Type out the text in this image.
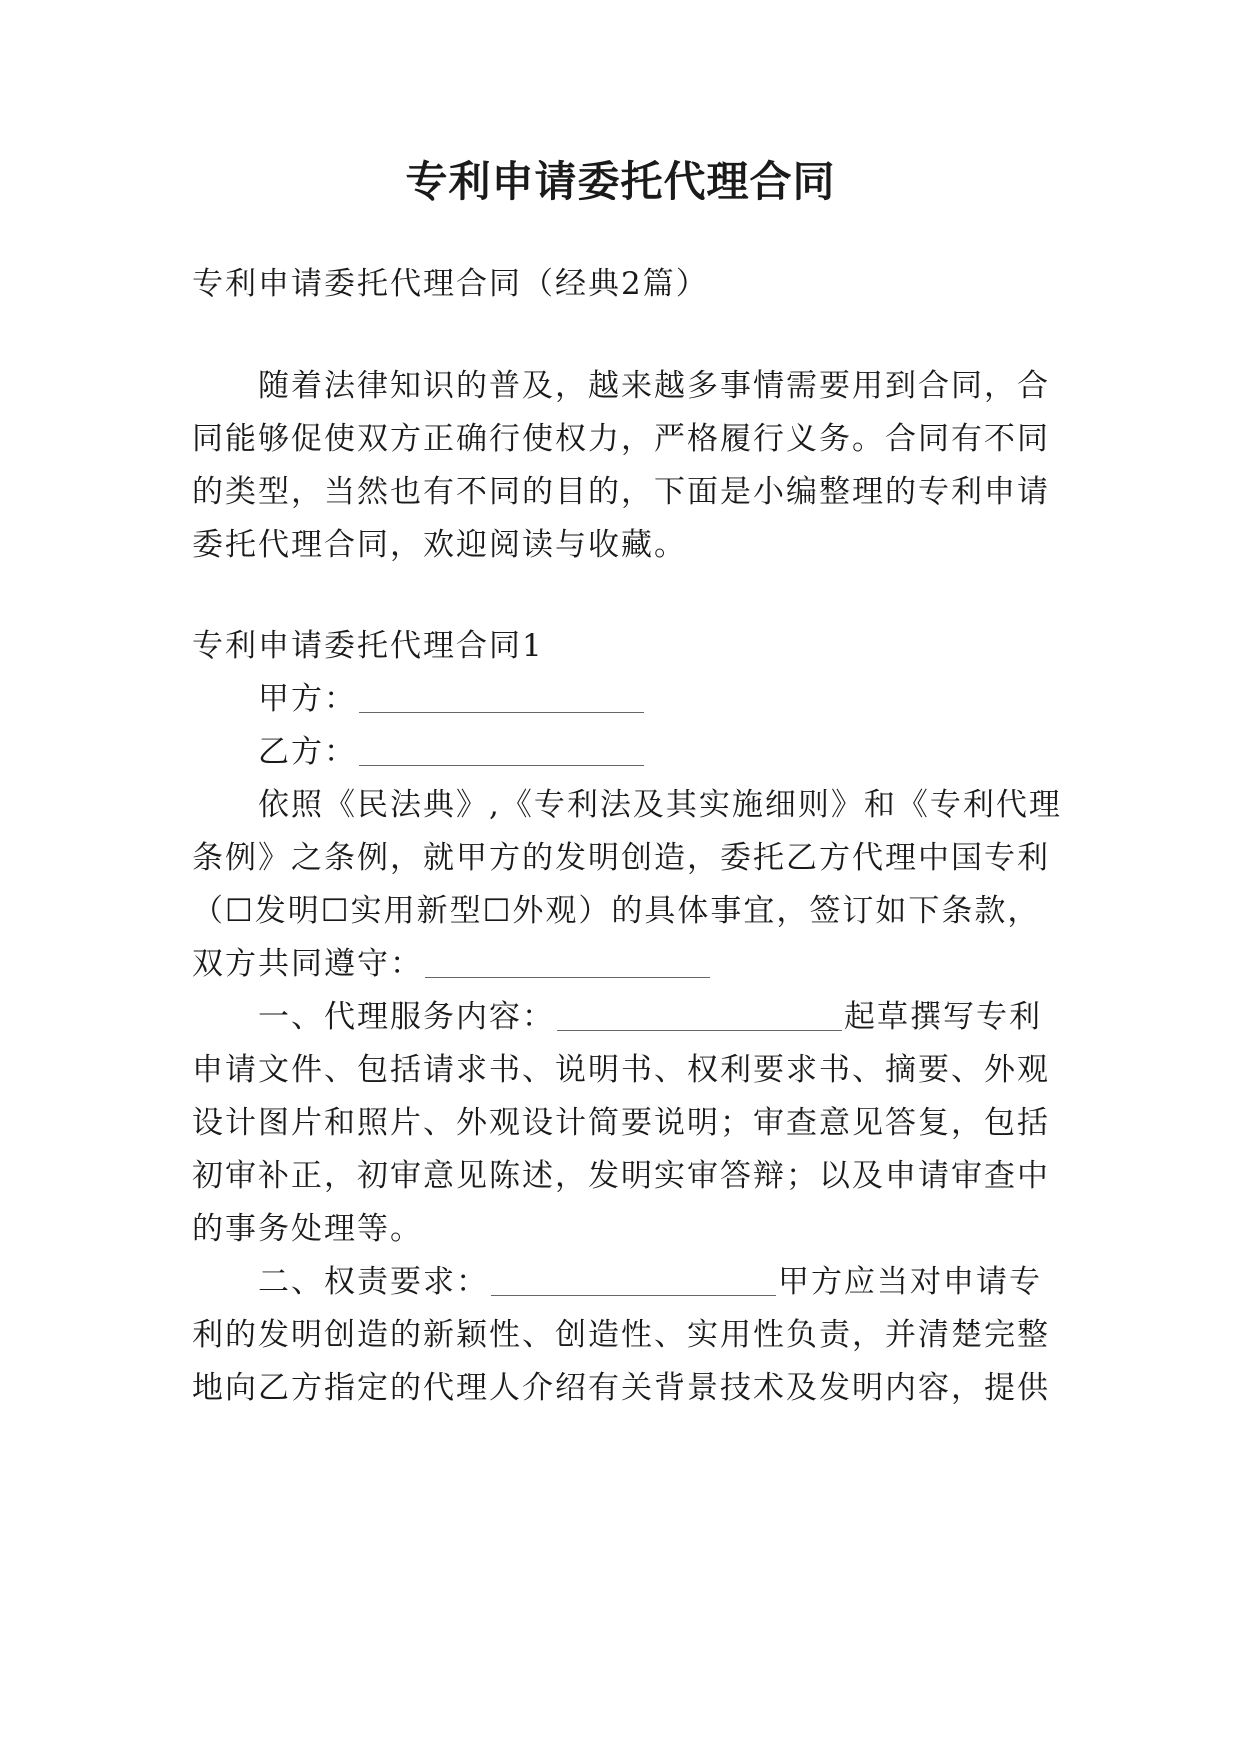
专利申请委托代理合同
专利申请委托代理合同（经典2篇）
随着法律知识的普及，越来越多事情需要用到合同，合
同能够促使双方正确行使权力，严格履行义务。合同有不同
的类型，当然也有不同的目的，下面是小编整理的专利申请
委托代理合同，欢迎阅读与收藏。
专利申请委托代理合同1
甲方：
乙方：
依照《民法典》,《专利法及其实施细则》和《专利代理
条例》之条例，就甲方的发明创造，委托乙方代理中国专利
（☐发明☐实用新型☐外观）的具体事宜，签订如下条款，
双方共同遵守：
一、代理服务内容：	起草撰写专利
申请文件、包括请求书、说明书、权利要求书、摘要、外观
设计图片和照片、外观设计简要说明；审查意见答复，包括
初审补正，初审意见陈述，发明实审答辩；以及申请审查中
的事务处理等。
二、权责要求：	甲方应当对申请专
利的发明创造的新颖性、创造性、实用性负责，并清楚完整
地向乙方指定的代理人介绍有关背景技术及发明内容，提供
